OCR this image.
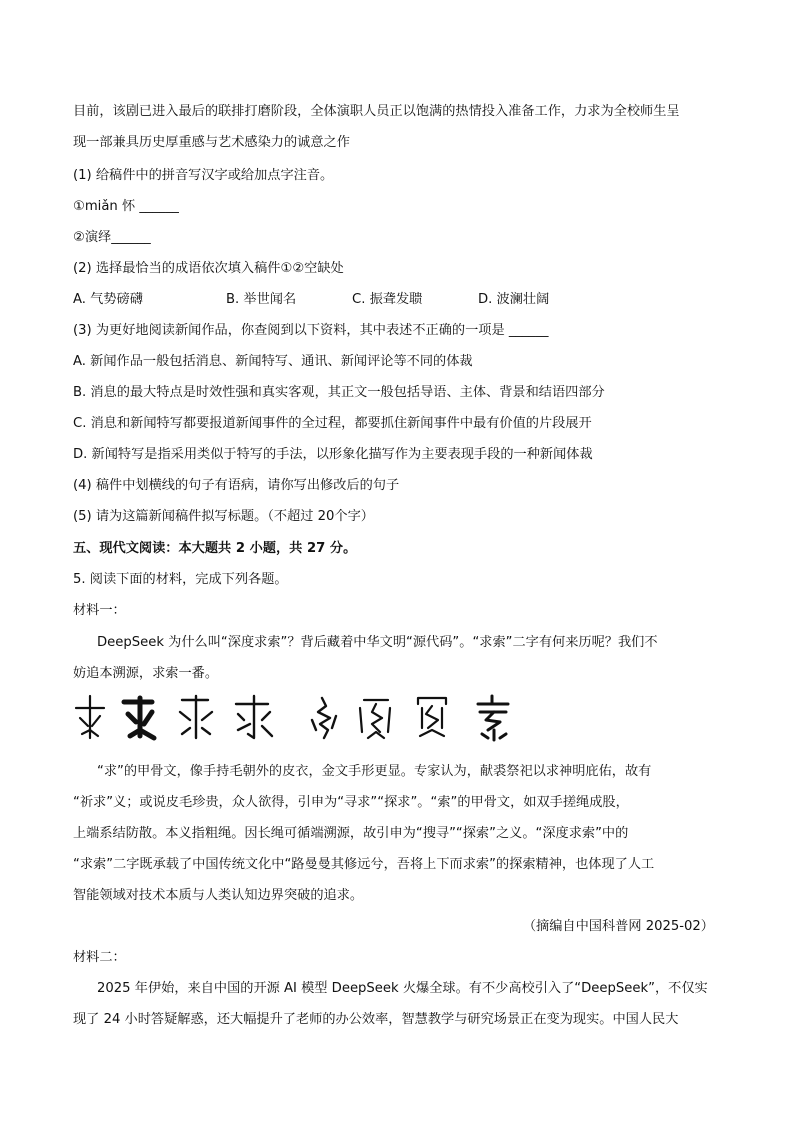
目前，该剧已进入最后的联排打磨阶段，全体演职人员正以饱满的热情投入准备工作，力求为全校师生呈
现一部兼具历史厚重感与艺术感染力的诚意之作
(1) 给稿件中的拼音写汉字或给加点字注音。
①miǎn 怀 ______
②演绎______
(2) 选择最恰当的成语依次填入稿件①②空缺处
A. 气势磅礴	B. 举世闻名	C. 振聋发聩	D. 波澜壮阔
(3) 为更好地阅读新闻作品，你查阅到以下资料，其中表述不正确的一项是 ______
A. 新闻作品一般包括消息、新闻特写、通讯、新闻评论等不同的体裁
B. 消息的最大特点是时效性强和真实客观，其正文一般包括导语、主体、背景和结语四部分
C. 消息和新闻特写都要报道新闻事件的全过程，都要抓住新闻事件中最有价值的片段展开
D. 新闻特写是指采用类似于特写的手法，以形象化描写作为主要表现手段的一种新闻体裁
(4) 稿件中划横线的句子有语病，请你写出修改后的句子
(5) 请为这篇新闻稿件拟写标题。（不超过 20个字）
五、现代文阅读：本大题共 2 小题，共 27 分。
5. 阅读下面的材料，完成下列各题。
材料一：
DeepSeek 为什么叫“深度求索”？背后藏着中华文明“源代码”。“求索”二字有何来历呢？我们不
妨追本溯源，求索一番。
“求”的甲骨文，像手持毛朝外的皮衣，金文手形更显。专家认为，献裘祭祀以求神明庇佑，故有
“祈求”义；或说皮毛珍贵，众人欲得，引申为“寻求”“探求”。“索”的甲骨文，如双手搓绳成股，
上端系结防散。本义指粗绳。因长绳可循端溯源，故引申为“搜寻”“探索”之义。“深度求索”中的
“求索”二字既承载了中国传统文化中“路曼曼其修远兮，吾将上下而求索”的探索精神，也体现了人工
智能领域对技术本质与人类认知边界突破的追求。
（摘编自中国科普网 2025-02）
材料二：
2025 年伊始，来自中国的开源 AI 模型 DeepSeek 火爆全球。有不少高校引入了“DeepSeek”，不仅实
现了 24 小时答疑解惑，还大幅提升了老师的办公效率，智慧教学与研究场景正在变为现实。中国人民大
